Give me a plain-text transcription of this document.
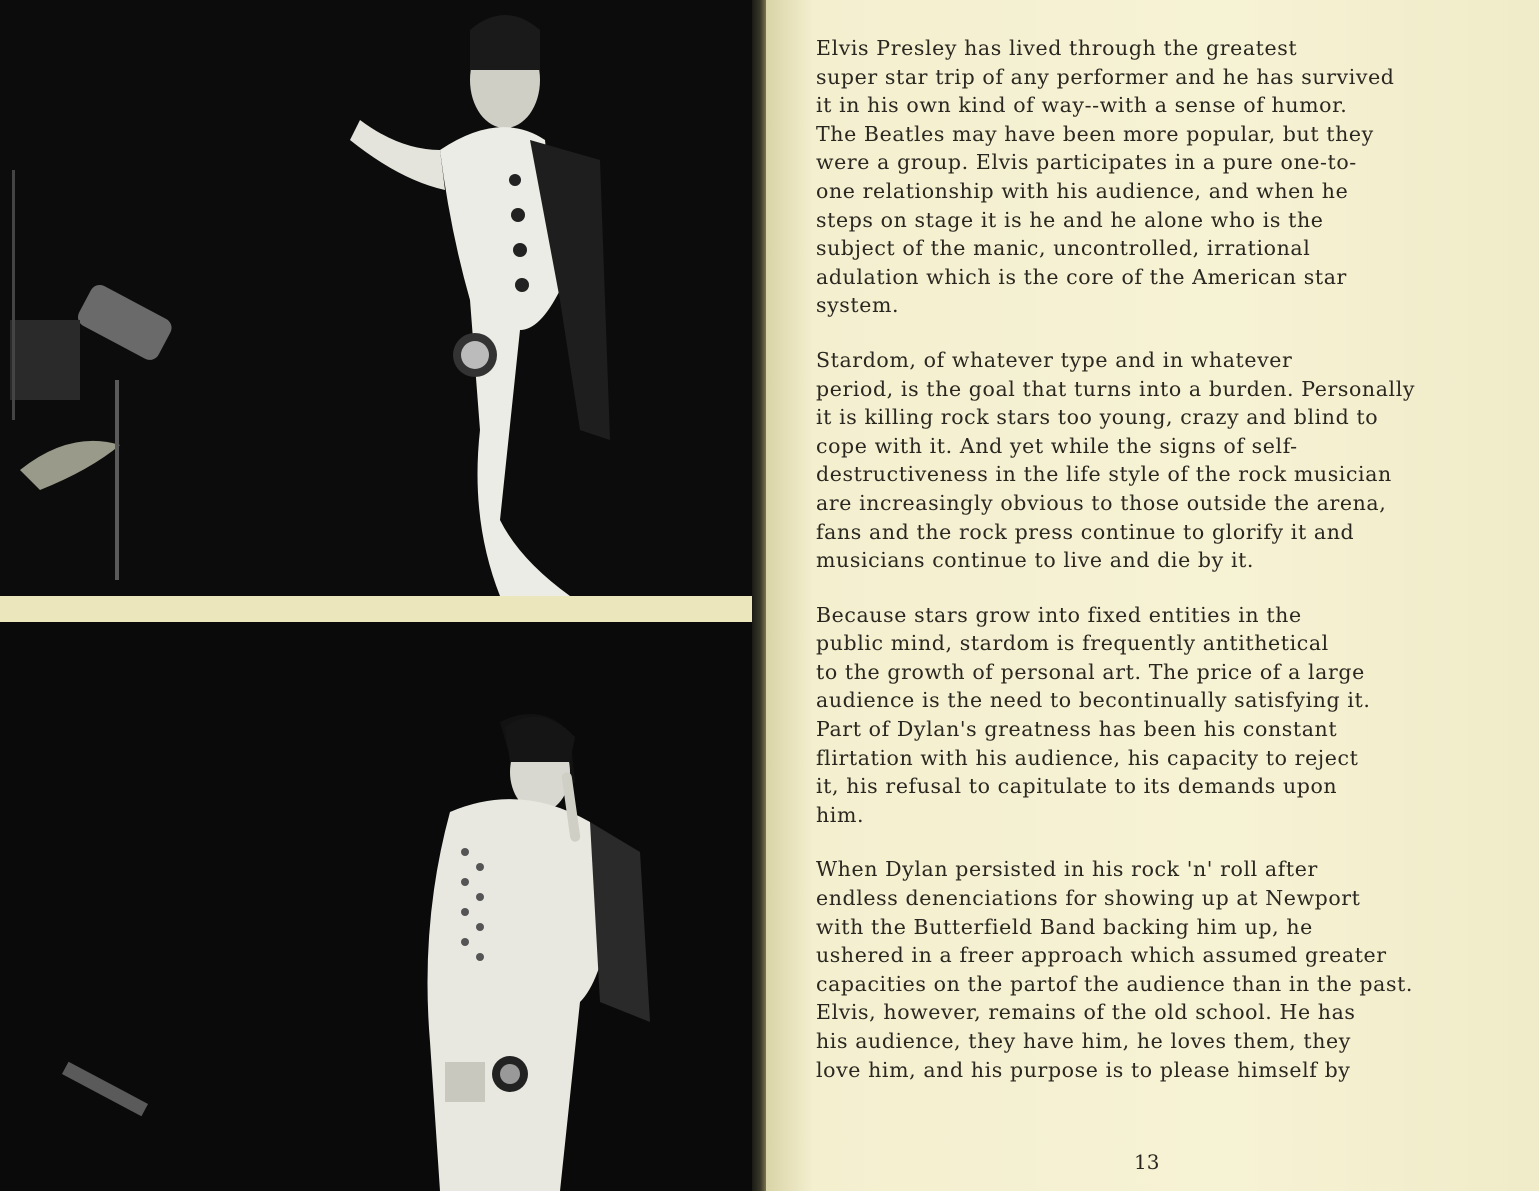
Elvis Presley has lived through the greatest
super star trip of any performer and he has survived
it in his own kind of way--with a sense of humor.
The Beatles may have been more popular, but they
were a group. Elvis participates in a pure one-to-
one relationship with his audience, and when he
steps on stage it is he and he alone who is the
subject of the manic, uncontrolled, irrational
adulation which is the core of the American star
system.

Stardom, of whatever type and in whatever
period, is the goal that turns into a burden. Personally
it is killing rock stars too young, crazy and blind to
cope with it. And yet while the signs of self-
destructiveness in the life style of the rock musician
are increasingly obvious to those outside the arena,
fans and the rock press continue to glorify it and
musicians continue to live and die by it.

Because stars grow into fixed entities in the
public mind, stardom is frequently antithetical
to the growth of personal art. The price of a large
audience is the need to becontinually satisfying it.
Part of Dylan's greatness has been his constant
flirtation with his audience, his capacity to reject
it, his refusal to capitulate to its demands upon
him.

When Dylan persisted in his rock 'n' roll after
endless denenciations for showing up at Newport
with the Butterfield Band backing him up, he
ushered in a freer approach which assumed greater
capacities on the partof the audience than in the past.
Elvis, however, remains of the old school. He has
his audience, they have him, he loves them, they
love him, and his purpose is to please himself by

13
